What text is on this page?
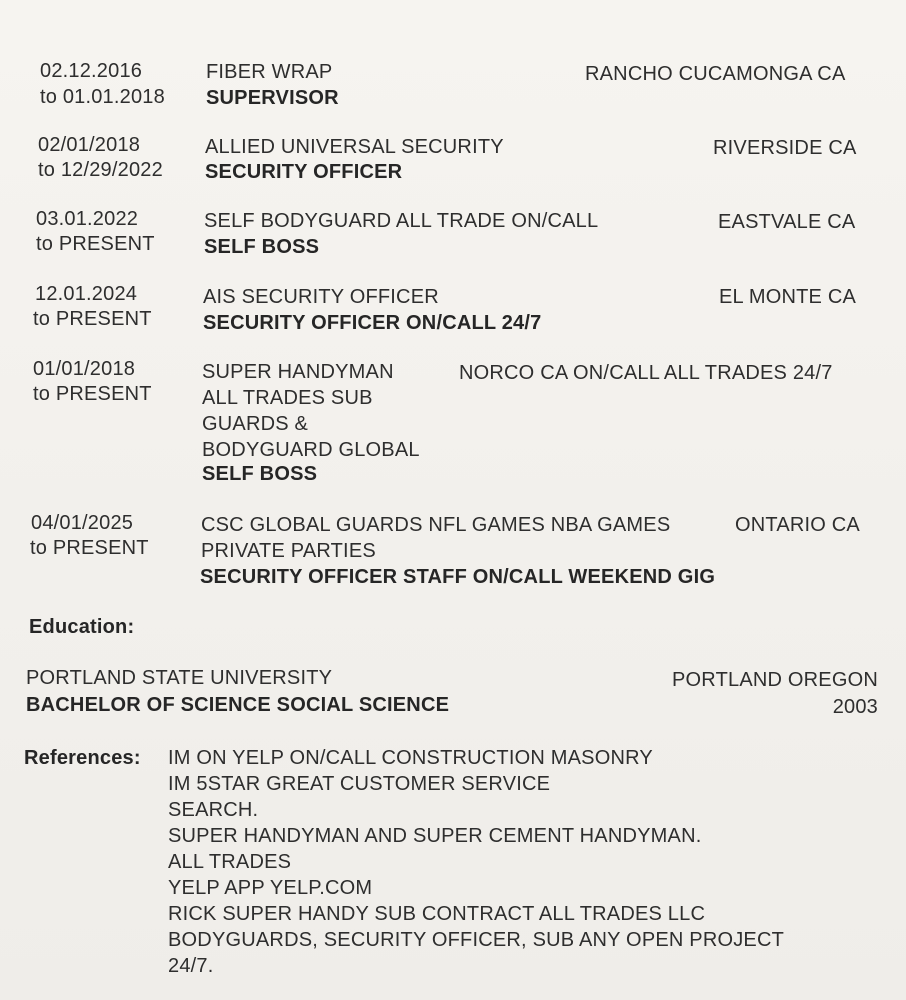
02.12.2016
to 01.01.2018
FIBER WRAP
SUPERVISOR
RANCHO CUCAMONGA CA
02/01/2018
to 12/29/2022
ALLIED UNIVERSAL SECURITY
SECURITY OFFICER
RIVERSIDE CA
03.01.2022
to PRESENT
SELF BODYGUARD ALL TRADE ON/CALL
SELF BOSS
EASTVALE CA
12.01.2024
to PRESENT
AIS SECURITY OFFICER
SECURITY OFFICER ON/CALL 24/7
EL MONTE CA
01/01/2018
to PRESENT
SUPER HANDYMAN
ALL TRADES SUB
GUARDS &
BODYGUARD GLOBAL
SELF BOSS
NORCO CA ON/CALL ALL TRADES 24/7
04/01/2025
to PRESENT
CSC GLOBAL GUARDS NFL GAMES NBA GAMES
PRIVATE PARTIES
SECURITY OFFICER STAFF ON/CALL WEEKEND GIG
ONTARIO CA
Education:
PORTLAND STATE UNIVERSITY
BACHELOR OF SCIENCE SOCIAL SCIENCE
PORTLAND OREGON
2003
References: IM ON YELP ON/CALL CONSTRUCTION MASONRY
IM 5STAR GREAT CUSTOMER SERVICE
SEARCH.
SUPER HANDYMAN AND SUPER CEMENT HANDYMAN.
ALL TRADES
YELP APP YELP.COM
RICK SUPER HANDY SUB CONTRACT ALL TRADES LLC
BODYGUARDS, SECURITY OFFICER, SUB ANY OPEN PROJECT
24/7.
